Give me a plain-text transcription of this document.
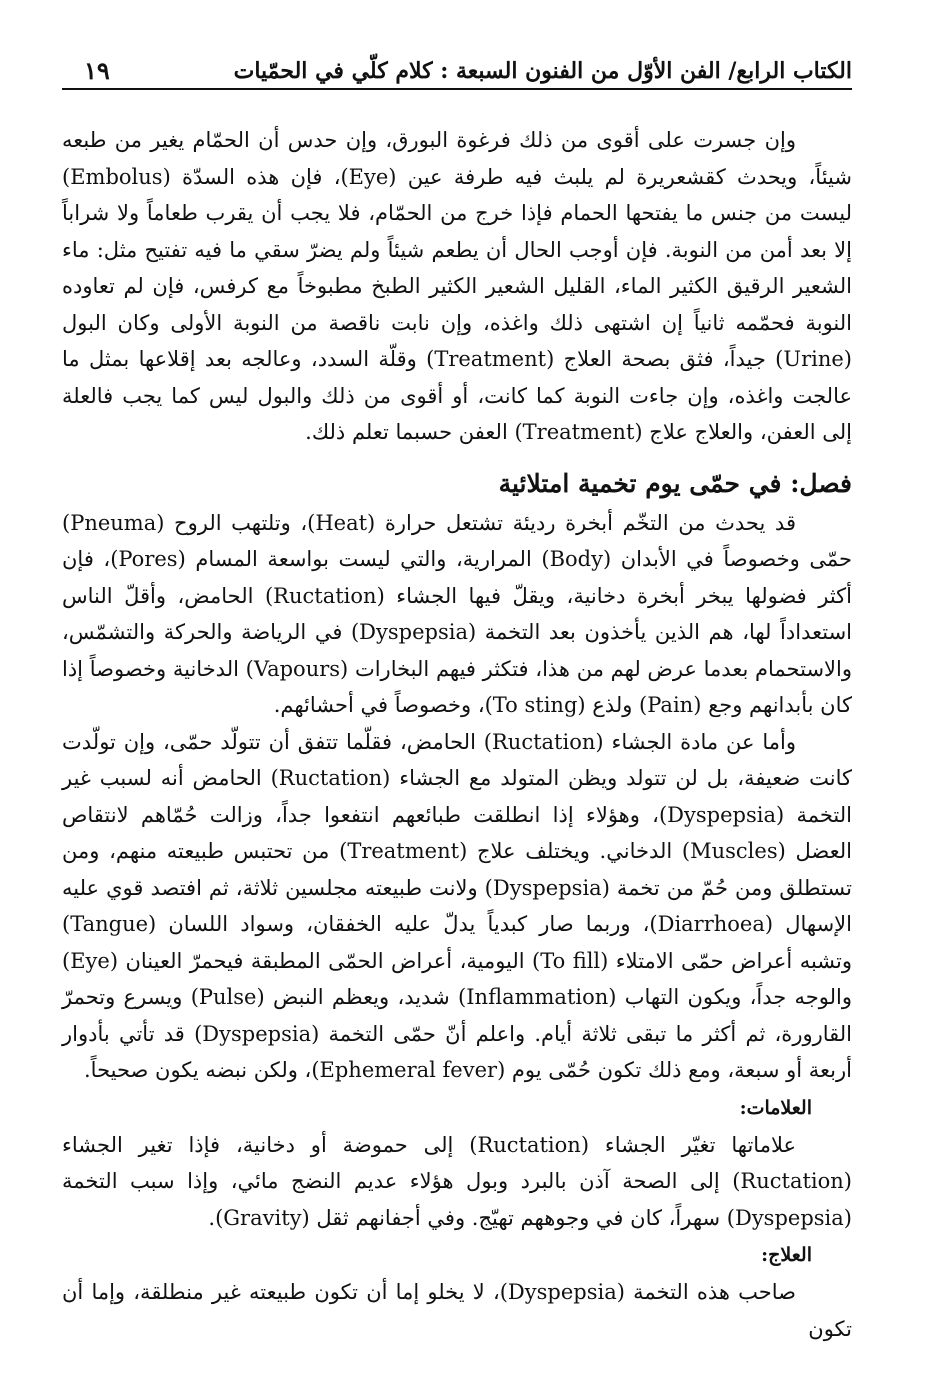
الكتاب الرابع/ الفن الأوّل من الفنون السبعة : كلام كلّي في الحمّيات
١٩

وإن جسرت على أقوى من ذلك فرغوة البورق، وإن حدس أن الحمّام يغير من طبعه شيئاً، ويحدث كقشعريرة لم يلبث فيه طرفة عين (Eye)، فإن هذه السدّة (Embolus) ليست من جنس ما يفتحها الحمام فإذا خرج من الحمّام، فلا يجب أن يقرب طعاماً ولا شراباً إلا بعد أمن من النوبة. فإن أوجب الحال أن يطعم شيئاً ولم يضرّ سقي ما فيه تفتيح مثل: ماء الشعير الرقيق الكثير الماء، القليل الشعير الكثير الطبخ مطبوخاً مع كرفس، فإن لم تعاوده النوبة فحمّمه ثانياً إن اشتهى ذلك واغذه، وإن نابت ناقصة من النوبة الأولى وكان البول (Urine) جيداً، فثق بصحة العلاج (Treatment) وقلّة السدد، وعالجه بعد إقلاعها بمثل ما عالجت واغذه، وإن جاءت النوبة كما كانت، أو أقوى من ذلك والبول ليس كما يجب فالعلة إلى العفن، والعلاج علاج (Treatment) العفن حسبما تعلم ذلك.

فصل: في حمّى يوم تخمية امتلائية

قد يحدث من التخّم أبخرة رديئة تشتعل حرارة (Heat)، وتلتهب الروح (Pneuma) حمّى وخصوصاً في الأبدان (Body) المرارية، والتي ليست بواسعة المسام (Pores)، فإن أكثر فضولها يبخر أبخرة دخانية، ويقلّ فيها الجشاء (Ructation) الحامض، وأقلّ الناس استعداداً لها، هم الذين يأخذون بعد التخمة (Dyspepsia) في الرياضة والحركة والتشمّس، والاستحمام بعدما عرض لهم من هذا، فتكثر فيهم البخارات (Vapours) الدخانية وخصوصاً إذا كان بأبدانهم وجع (Pain) ولذع (To sting)، وخصوصاً في أحشائهم.

وأما عن مادة الجشاء (Ructation) الحامض، فقلّما تتفق أن تتولّد حمّى، وإن تولّدت كانت ضعيفة، بل لن تتولد ويظن المتولد مع الجشاء (Ructation) الحامض أنه لسبب غير التخمة (Dyspepsia)، وهؤلاء إذا انطلقت طبائعهم انتفعوا جداً، وزالت حُمّاهم لانتقاص العضل (Muscles) الدخاني. ويختلف علاج (Treatment) من تحتبس طبيعته منهم، ومن تستطلق ومن حُمّ من تخمة (Dyspepsia) ولانت طبيعته مجلسين ثلاثة، ثم افتصد قوي عليه الإسهال (Diarrhoea)، وربما صار كبدياً يدلّ عليه الخفقان، وسواد اللسان (Tangue) وتشبه أعراض حمّى الامتلاء (To fill) اليومية، أعراض الحمّى المطبقة فيحمرّ العينان (Eye) والوجه جداً، ويكون التهاب (Inflammation) شديد، ويعظم النبض (Pulse) ويسرع وتحمرّ القارورة، ثم أكثر ما تبقى ثلاثة أيام. واعلم أنّ حمّى التخمة (Dyspepsia) قد تأتي بأدوار أربعة أو سبعة، ومع ذلك تكون حُمّى يوم (Ephemeral fever)، ولكن نبضه يكون صحيحاً.

العلامات:

علاماتها تغيّر الجشاء (Ructation) إلى حموضة أو دخانية، فإذا تغير الجشاء (Ructation) إلى الصحة آذن بالبرد وبول هؤلاء عديم النضج مائي، وإذا سبب التخمة (Dyspepsia) سهراً، كان في وجوههم تهيّج. وفي أجفانهم ثقل (Gravity).

العلاج:

صاحب هذه التخمة (Dyspepsia)، لا يخلو إما أن تكون طبيعته غير منطلقة، وإما أن تكون
